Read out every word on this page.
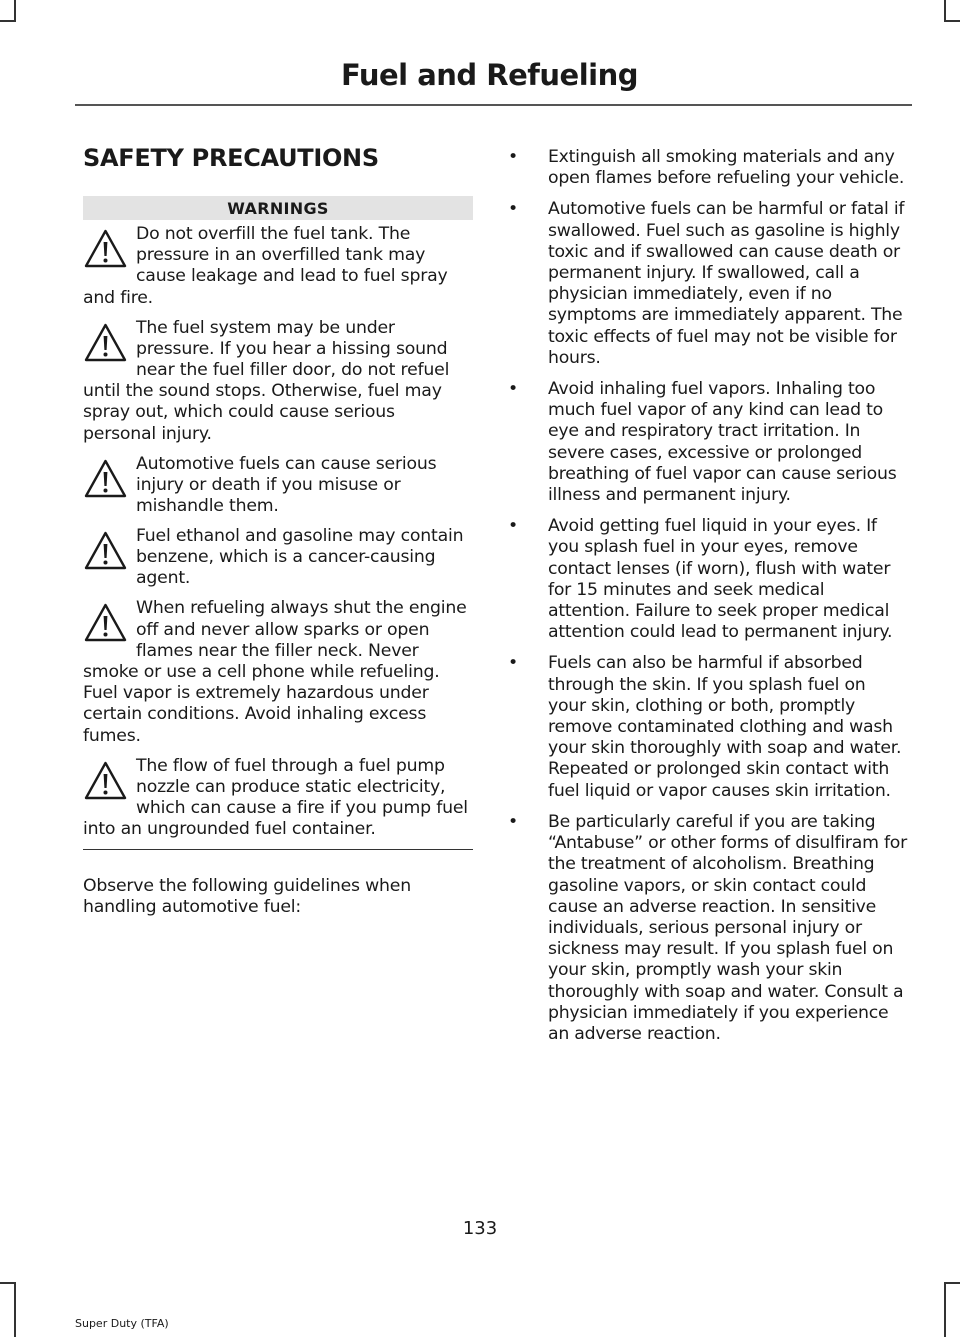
Fuel and Refueling
SAFETY PRECAUTIONS
WARNINGS
Do not overfill the fuel tank. The pressure in an overfilled tank may cause leakage and lead to fuel spray and fire.
The fuel system may be under pressure. If you hear a hissing sound near the fuel filler door, do not refuel until the sound stops. Otherwise, fuel may spray out, which could cause serious personal injury.
Automotive fuels can cause serious injury or death if you misuse or mishandle them.
Fuel ethanol and gasoline may contain benzene, which is a cancer-causing agent.
When refueling always shut the engine off and never allow sparks or open flames near the filler neck. Never smoke or use a cell phone while refueling. Fuel vapor is extremely hazardous under certain conditions. Avoid inhaling excess fumes.
The flow of fuel through a fuel pump nozzle can produce static electricity, which can cause a fire if you pump fuel into an ungrounded fuel container.
Observe the following guidelines when handling automotive fuel:
• Extinguish all smoking materials and any open flames before refueling your vehicle.
• Automotive fuels can be harmful or fatal if swallowed. Fuel such as gasoline is highly toxic and if swallowed can cause death or permanent injury. If swallowed, call a physician immediately, even if no symptoms are immediately apparent. The toxic effects of fuel may not be visible for hours.
• Avoid inhaling fuel vapors. Inhaling too much fuel vapor of any kind can lead to eye and respiratory tract irritation. In severe cases, excessive or prolonged breathing of fuel vapor can cause serious illness and permanent injury.
• Avoid getting fuel liquid in your eyes. If you splash fuel in your eyes, remove contact lenses (if worn), flush with water for 15 minutes and seek medical attention. Failure to seek proper medical attention could lead to permanent injury.
• Fuels can also be harmful if absorbed through the skin. If you splash fuel on your skin, clothing or both, promptly remove contaminated clothing and wash your skin thoroughly with soap and water. Repeated or prolonged skin contact with fuel liquid or vapor causes skin irritation.
• Be particularly careful if you are taking “Antabuse” or other forms of disulfiram for the treatment of alcoholism. Breathing gasoline vapors, or skin contact could cause an adverse reaction. In sensitive individuals, serious personal injury or sickness may result. If you splash fuel on your skin, promptly wash your skin thoroughly with soap and water. Consult a physician immediately if you experience an adverse reaction.
133
Super Duty (TFA)
